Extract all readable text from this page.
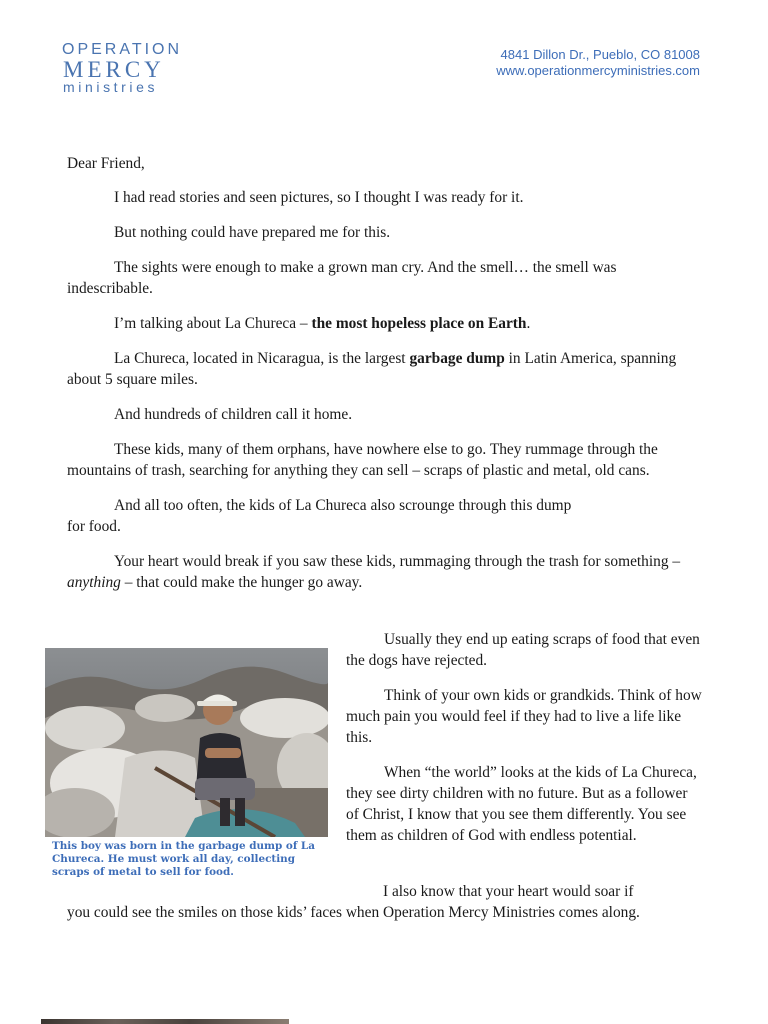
OPERATION
MERCY
ministries
4841 Dillon Dr., Pueblo, CO 81008
www.operationmercyministries.com

Dear Friend,

I had read stories and seen pictures, so I thought I was ready for it.

But nothing could have prepared me for this.

The sights were enough to make a grown man cry. And the smell… the smell was indescribable.

I’m talking about La Chureca – the most hopeless place on Earth.

La Chureca, located in Nicaragua, is the largest garbage dump in Latin America, spanning about 5 square miles.

And hundreds of children call it home.

These kids, many of them orphans, have nowhere else to go. They rummage through the mountains of trash, searching for anything they can sell – scraps of plastic and metal, old cans.

And all too often, the kids of La Chureca also scrounge through this dump
for food.

Your heart would break if you saw these kids, rummaging through the trash for something – anything – that could make the hunger go away.

This boy was born in the garbage dump of La Chureca. He must work all day, collecting scraps of metal to sell for food.

Usually they end up eating scraps of food that even the dogs have rejected.

Think of your own kids or grandkids. Think of how much pain you would feel if they had to live a life like this.

When “the world” looks at the kids of La Chureca, they see dirty children with no future. But as a follower of Christ, I know that you see them differently. You see them as children of God with endless potential.

I also know that your heart would soar if

you could see the smiles on those kids’ faces when Operation Mercy Ministries comes along.
